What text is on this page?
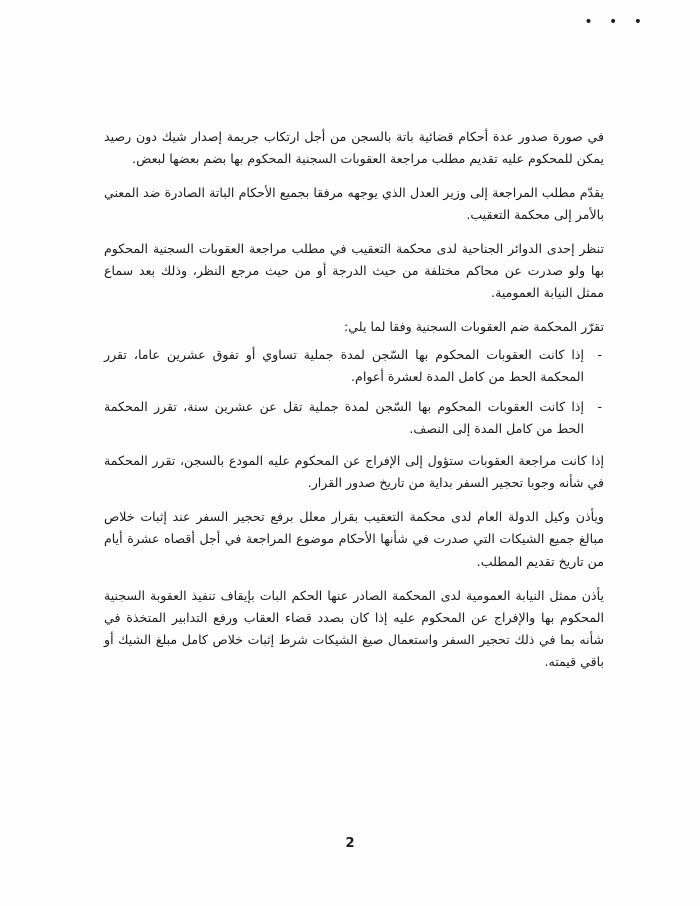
• • •

في صورة صدور عدة أحكام قضائية باتة بالسجن من أجل ارتكاب جريمة إصدار شيك دون رصيد يمكن للمحكوم عليه تقديم مطلب مراجعة العقوبات السجنية المحكوم بها بضم بعضها لبعض.

يقدّم مطلب المراجعة إلى وزير العدل الذي يوجهه مرفقا بجميع الأحكام الباتة الصادرة ضد المعني بالأمر إلى محكمة التعقيب.

تنظر إحدى الدوائر الجناحية لدى محكمة التعقيب في مطلب مراجعة العقوبات السجنية المحكوم بها ولو صدرت عن محاكم مختلفة من حيث الدرجة أو من حيث مرجع النظر، وذلك بعد سماع ممثل النيابة العمومية.

تقرّر المحكمة ضم العقوبات السجنية وفقا لما يلي:

-
إذا كانت العقوبات المحكوم بها السّجن لمدة جملية تساوي أو تفوق عشرين عاما، تقرر المحكمة الحط من كامل المدة لعشرة أعوام.
-
إذا كانت العقوبات المحكوم بها السّجن لمدة جملية تقل عن عشرين سنة، تقرر المحكمة الحط من كامل المدة إلى النصف.

إذا كانت مراجعة العقوبات ستؤول إلى الإفراج عن المحكوم عليه المودع بالسجن، تقرر المحكمة في شأنه وجوبا تحجير السفر بداية من تاريخ صدور القرار.

ويأذن وكيل الدولة العام لدى محكمة التعقيب بقرار معلل برفع تحجير السفر عند إثبات خلاص مبالغ جميع الشيكات التي صدرت في شأنها الأحكام موضوع المراجعة في أجل أقصاه عشرة أيام من تاريخ تقديم المطلب.

يأذن ممثل النيابة العمومية لدى المحكمة الصادر عنها الحكم البات بإيقاف تنفيذ العقوبة السجنية المحكوم بها والإفراج عن المحكوم عليه إذا كان بصدد قضاء العقاب ورفع التدابير المتخذة في شأنه بما في ذلك تحجير السفر واستعمال صيغ الشيكات شرط إثبات خلاص كامل مبلغ الشيك أو باقي قيمته.

2
